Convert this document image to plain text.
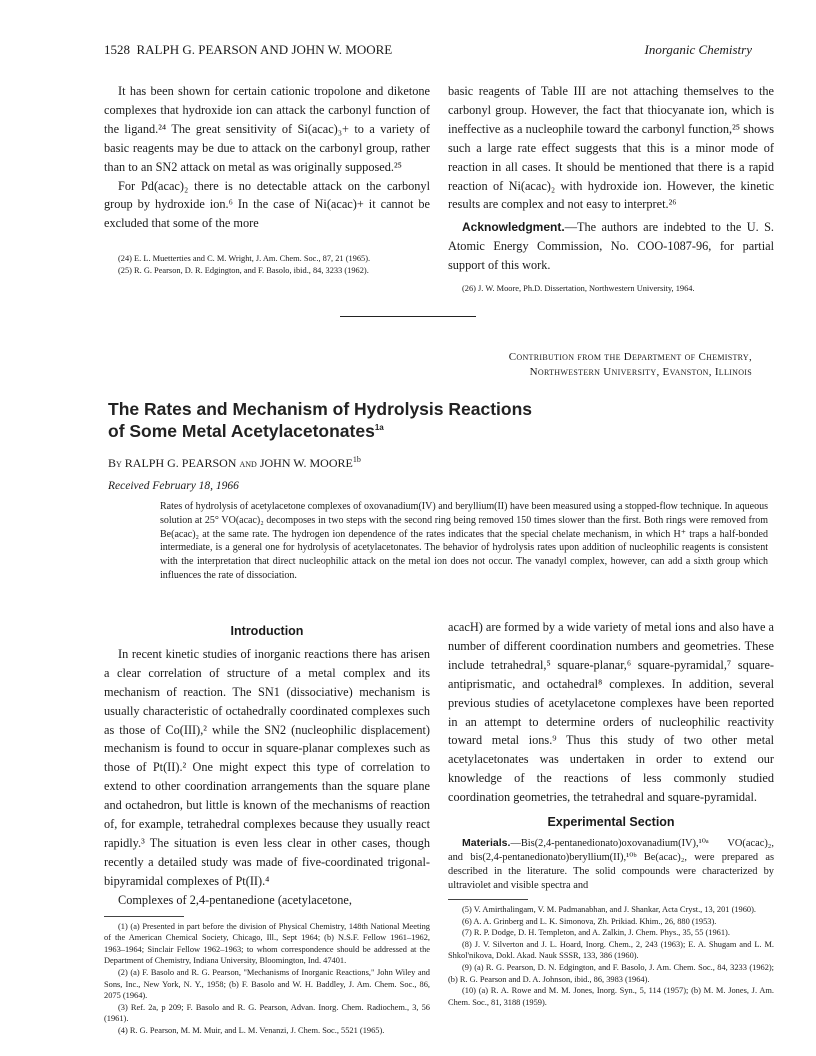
1528 RALPH G. PEARSON AND JOHN W. MOORE	Inorganic Chemistry

It has been shown for certain cationic tropolone and diketone complexes that hydroxide ion can attack the carbonyl function of the ligand.²⁴ The great sensitivity of Si(acac)₃+ to a variety of basic reagents may be due to attack on the carbonyl group, rather than to an SN2 attack on metal as was originally supposed.²⁵

For Pd(acac)₂ there is no detectable attack on the carbonyl group by hydroxide ion.⁶ In the case of Ni(acac)+ it cannot be excluded that some of the more

(24) E. L. Muetterties and C. M. Wright, J. Am. Chem. Soc., 87, 21 (1965).

(25) R. G. Pearson, D. R. Edgington, and F. Basolo, ibid., 84, 3233 (1962).

basic reagents of Table III are not attaching themselves to the carbonyl group. However, the fact that thiocyanate ion, which is ineffective as a nucleophile toward the carbonyl function,²⁵ shows such a large rate effect suggests that this is a minor mode of reaction in all cases. It should be mentioned that there is a rapid reaction of Ni(acac)₂ with hydroxide ion. However, the kinetic results are complex and not easy to interpret.²⁶

Acknowledgment.—The authors are indebted to the U. S. Atomic Energy Commission, No. COO-1087-96, for partial support of this work.

(26) J. W. Moore, Ph.D. Dissertation, Northwestern University, 1964.

Contribution from the Department of Chemistry,
Northwestern University, Evanston, Illinois
The Rates and Mechanism of Hydrolysis Reactions
of Some Metal Acetylacetonates$^{1a}$
By RALPH G. PEARSON and JOHN W. $MOORE^{1b}$
Received February 18, 1966

Rates of hydrolysis of acetylacetone complexes of oxovanadium(IV) and beryllium(II) have been measured using a stopped-flow technique. In aqueous solution at 25° VO(acac)₂ decomposes in two steps with the second ring being removed 150 times slower than the first. Both rings were removed from Be(acac)₂ at the same rate. The hydrogen ion dependence of the rates indicates that the special chelate mechanism, in which H⁺ traps a half-bonded intermediate, is a general one for hydrolysis of acetylacetonates. The behavior of hydrolysis rates upon addition of nucleophilic reagents is consistent with the interpretation that direct nucleophilic attack on the metal ion does not occur. The vanadyl complex, however, can add a sixth group which influences the rate of dissociation.

Introduction

In recent kinetic studies of inorganic reactions there has arisen a clear correlation of structure of a metal complex and its mechanism of reaction. The SN1 (dissociative) mechanism is usually characteristic of octahedrally coordinated complexes such as those of Co(III),² while the SN2 (nucleophilic displacement) mechanism is found to occur in square-planar complexes such as those of Pt(II).² One might expect this type of correlation to extend to other coordination arrangements than the square plane and octahedron, but little is known of the mechanisms of reaction of, for example, tetrahedral complexes because they usually react rapidly.³ The situation is even less clear in other cases, though recently a detailed study was made of five-coordinated trigonal-bipyramidal complexes of Pt(II).⁴

Complexes of 2,4-pentanedione (acetylacetone,

(1) (a) Presented in part before the division of Physical Chemistry, 148th National Meeting of the American Chemical Society, Chicago, Ill., Sept 1964; (b) N.S.F. Fellow 1961–1962, 1963–1964; Sinclair Fellow 1962–1963; to whom correspondence should be addressed at the Department of Chemistry, Indiana University, Bloomington, Ind. 47401.

(2) (a) F. Basolo and R. G. Pearson, "Mechanisms of Inorganic Reactions," John Wiley and Sons, Inc., New York, N. Y., 1958; (b) F. Basolo and W. H. Baddley, J. Am. Chem. Soc., 86, 2075 (1964).

(3) Ref. 2a, p 209; F. Basolo and R. G. Pearson, Advan. Inorg. Chem. Radiochem., 3, 56 (1961).

(4) R. G. Pearson, M. M. Muir, and L. M. Venanzi, J. Chem. Soc., 5521 (1965).

acacH) are formed by a wide variety of metal ions and also have a number of different coordination numbers and geometries. These include tetrahedral,⁵ square-planar,⁶ square-pyramidal,⁷ square-antiprismatic, and octahedral⁸ complexes. In addition, several previous studies of acetylacetone complexes have been reported in an attempt to determine orders of nucleophilic reactivity toward metal ions.⁹ Thus this study of two other metal acetylacetonates was undertaken in order to extend our knowledge of the reactions of less commonly studied coordination geometries, the tetrahedral and square-pyramidal.

Experimental Section

Materials.—Bis(2,4-pentanedionato)oxovanadium(IV),¹⁰ᵃ VO(acac)₂, and bis(2,4-pentanedionato)beryllium(II),¹⁰ᵇ Be(acac)₂, were prepared as described in the literature. The solid compounds were characterized by ultraviolet and visible spectra and

(5) V. Amirthalingam, V. M. Padmanabhan, and J. Shankar, Acta Cryst., 13, 201 (1960).

(6) A. A. Grinberg and L. K. Simonova, Zh. Prikiad. Khim., 26, 880 (1953).

(7) R. P. Dodge, D. H. Templeton, and A. Zalkin, J. Chem. Phys., 35, 55 (1961).

(8) J. V. Silverton and J. L. Hoard, Inorg. Chem., 2, 243 (1963); E. A. Shugam and L. M. Shkol'nikova, Dokl. Akad. Nauk SSSR, 133, 386 (1960).

(9) (a) R. G. Pearson, D. N. Edgington, and F. Basolo, J. Am. Chem. Soc., 84, 3233 (1962); (b) R. G. Pearson and D. A. Johnson, ibid., 86, 3983 (1964).

(10) (a) R. A. Rowe and M. M. Jones, Inorg. Syn., 5, 114 (1957); (b) M. M. Jones, J. Am. Chem. Soc., 81, 3188 (1959).
